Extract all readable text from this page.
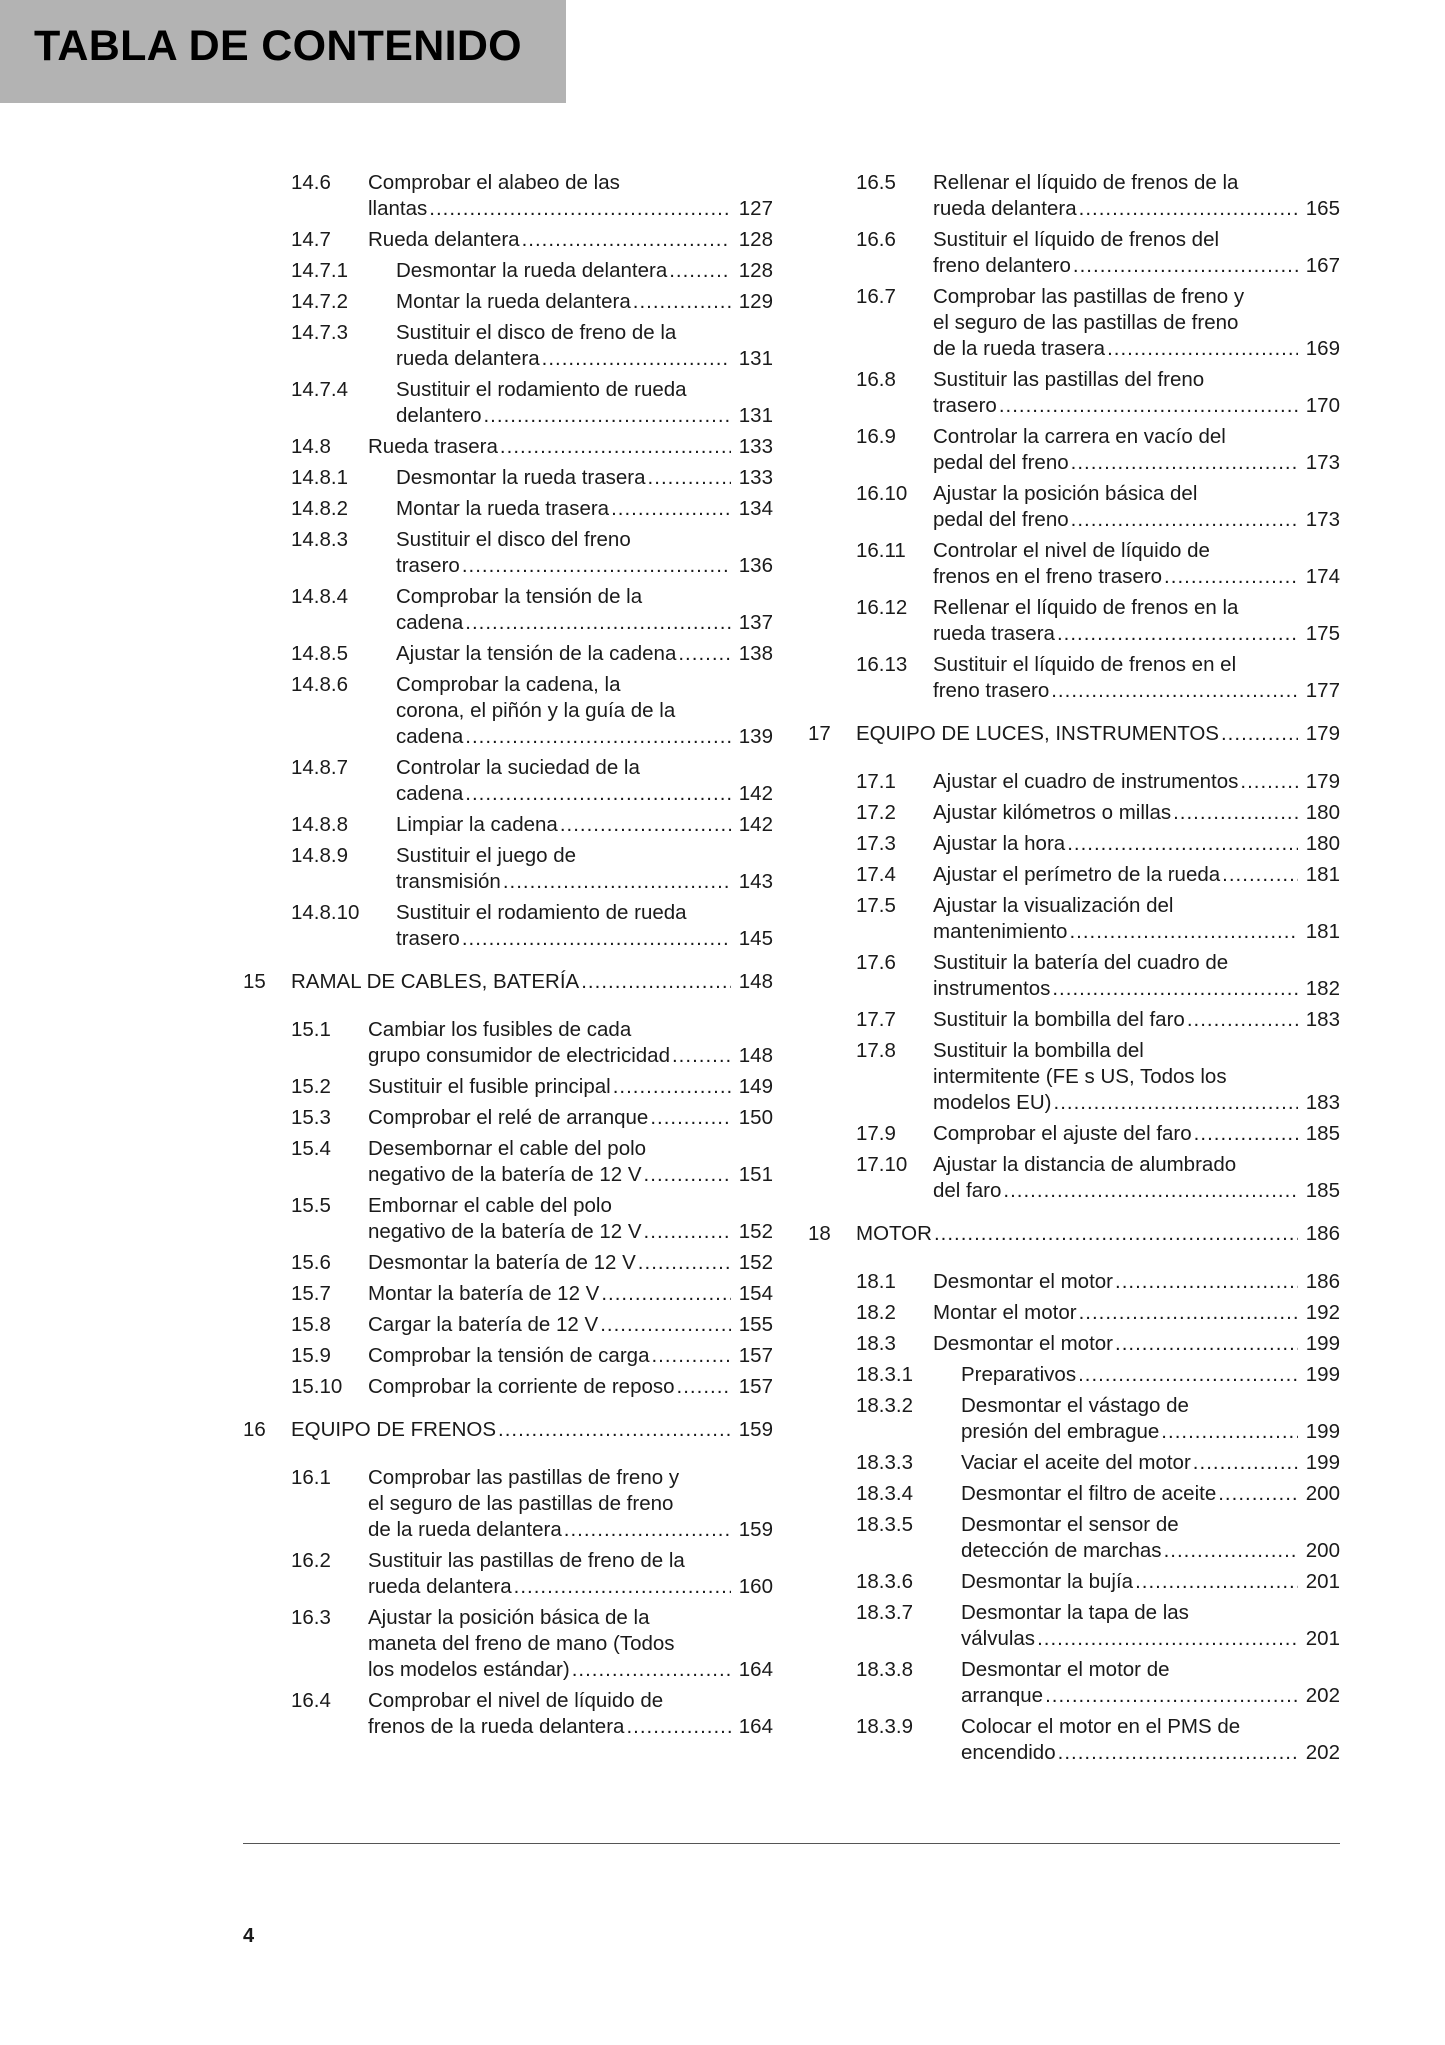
TABLA DE CONTENIDO
14.6 Comprobar el alabeo de las
llantas .....	127
14.7 Rueda delantera .....	128
14.7.1 Desmontar la rueda delantera .....	128
14.7.2 Montar la rueda delantera .....	129
14.7.3 Sustituir el disco de freno de la
rueda delantera .....	131
14.7.4 Sustituir el rodamiento de rueda
delantero .....	131
14.8 Rueda trasera .....	133
14.8.1 Desmontar la rueda trasera .....	133
14.8.2 Montar la rueda trasera .....	134
14.8.3 Sustituir el disco del freno
trasero .....	136
14.8.4 Comprobar la tensión de la
cadena .....	137
14.8.5 Ajustar la tensión de la cadena .....	138
14.8.6 Comprobar la cadena, la
corona, el piñón y la guía de la
cadena .....	139
14.8.7 Controlar la suciedad de la
cadena .....	142
14.8.8 Limpiar la cadena .....	142
14.8.9 Sustituir el juego de
transmisión .....	143
14.8.10 Sustituir el rodamiento de rueda
trasero .....	145
15 RAMAL DE CABLES, BATERÍA .....	148
15.1 Cambiar los fusibles de cada
grupo consumidor de electricidad .....	148
15.2 Sustituir el fusible principal .....	149
15.3 Comprobar el relé de arranque .....	150
15.4 Desembornar el cable del polo
negativo de la batería de 12 V .....	151
15.5 Embornar el cable del polo
negativo de la batería de 12 V .....	152
15.6 Desmontar la batería de 12 V .....	152
15.7 Montar la batería de 12 V .....	154
15.8 Cargar la batería de 12 V .....	155
15.9 Comprobar la tensión de carga .....	157
15.10 Comprobar la corriente de reposo .....	157
16 EQUIPO DE FRENOS .....	159
16.1 Comprobar las pastillas de freno y
el seguro de las pastillas de freno
de la rueda delantera .....	159
16.2 Sustituir las pastillas de freno de la
rueda delantera .....	160
16.3 Ajustar la posición básica de la
maneta del freno de mano (Todos
los modelos estándar) .....	164
16.4 Comprobar el nivel de líquido de
frenos de la rueda delantera .....	164
16.5 Rellenar el líquido de frenos de la
rueda delantera .....	165
16.6 Sustituir el líquido de frenos del
freno delantero .....	167
16.7 Comprobar las pastillas de freno y
el seguro de las pastillas de freno
de la rueda trasera .....	169
16.8 Sustituir las pastillas del freno
trasero .....	170
16.9 Controlar la carrera en vacío del
pedal del freno .....	173
16.10 Ajustar la posición básica del
pedal del freno .....	173
16.11 Controlar el nivel de líquido de
frenos en el freno trasero .....	174
16.12 Rellenar el líquido de frenos en la
rueda trasera .....	175
16.13 Sustituir el líquido de frenos en el
freno trasero .....	177
17 EQUIPO DE LUCES, INSTRUMENTOS .....	179
17.1 Ajustar el cuadro de instrumentos .....	179
17.2 Ajustar kilómetros o millas .....	180
17.3 Ajustar la hora .....	180
17.4 Ajustar el perímetro de la rueda .....	181
17.5 Ajustar la visualización del
mantenimiento .....	181
17.6 Sustituir la batería del cuadro de
instrumentos .....	182
17.7 Sustituir la bombilla del faro .....	183
17.8 Sustituir la bombilla del
intermitente (FE s US, Todos los
modelos EU) .....	183
17.9 Comprobar el ajuste del faro .....	185
17.10 Ajustar la distancia de alumbrado
del faro .....	185
18 MOTOR .....	186
18.1 Desmontar el motor .....	186
18.2 Montar el motor .....	192
18.3 Desmontar el motor .....	199
18.3.1 Preparativos .....	199
18.3.2 Desmontar el vástago de
presión del embrague .....	199
18.3.3 Vaciar el aceite del motor .....	199
18.3.4 Desmontar el filtro de aceite .....	200
18.3.5 Desmontar el sensor de
detección de marchas .....	200
18.3.6 Desmontar la bujía .....	201
18.3.7 Desmontar la tapa de las
válvulas .....	201
18.3.8 Desmontar el motor de
arranque .....	202
18.3.9 Colocar el motor en el PMS de
encendido .....	202
4
